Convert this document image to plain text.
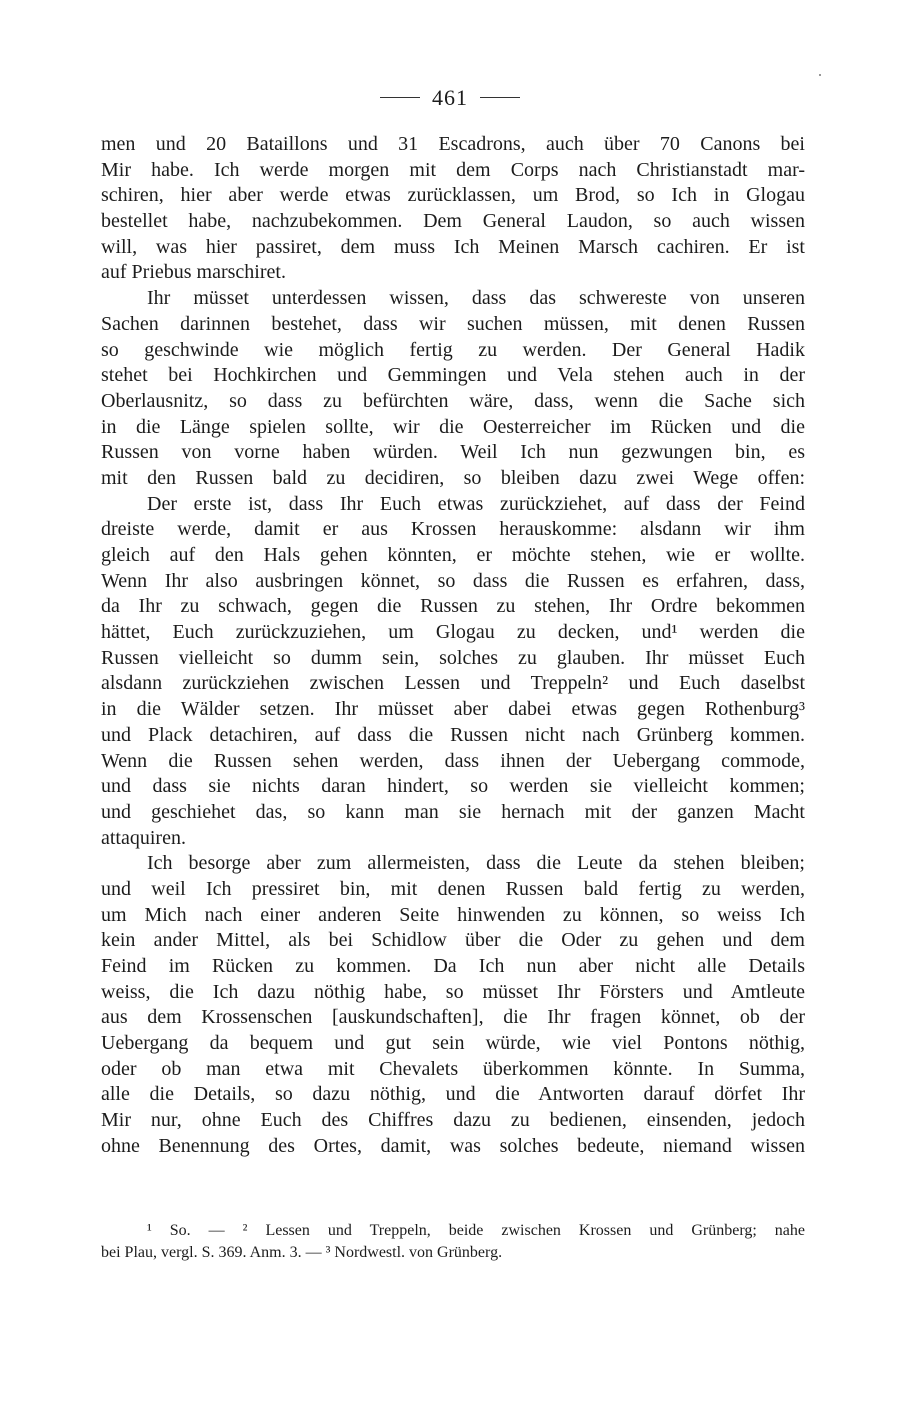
461
men und 20 Bataillons und 31 Escadrons, auch über 70 Canons bei
Mir habe. Ich werde morgen mit dem Corps nach Christianstadt mar-
schiren, hier aber werde etwas zurücklassen, um Brod, so Ich in Glogau
bestellet habe, nachzubekommen. Dem General Laudon, so auch wissen
will, was hier passiret, dem muss Ich Meinen Marsch cachiren. Er ist
auf Priebus marschiret.
Ihr müsset unterdessen wissen, dass das schwereste von unseren
Sachen darinnen bestehet, dass wir suchen müssen, mit denen Russen
so geschwinde wie möglich fertig zu werden. Der General Hadik
stehet bei Hochkirchen und Gemmingen und Vela stehen auch in der
Oberlausnitz, so dass zu befürchten wäre, dass, wenn die Sache sich
in die Länge spielen sollte, wir die Oesterreicher im Rücken und die
Russen von vorne haben würden. Weil Ich nun gezwungen bin, es
mit den Russen bald zu decidiren, so bleiben dazu zwei Wege offen:
Der erste ist, dass Ihr Euch etwas zurückziehet, auf dass der Feind
dreiste werde, damit er aus Krossen herauskomme: alsdann wir ihm
gleich auf den Hals gehen könnten, er möchte stehen, wie er wollte.
Wenn Ihr also ausbringen könnet, so dass die Russen es erfahren, dass,
da Ihr zu schwach, gegen die Russen zu stehen, Ihr Ordre bekommen
hättet, Euch zurückzuziehen, um Glogau zu decken, und¹ werden die
Russen vielleicht so dumm sein, solches zu glauben. Ihr müsset Euch
alsdann zurückziehen zwischen Lessen und Treppeln² und Euch daselbst
in die Wälder setzen. Ihr müsset aber dabei etwas gegen Rothenburg³
und Plack detachiren, auf dass die Russen nicht nach Grünberg kommen.
Wenn die Russen sehen werden, dass ihnen der Uebergang commode,
und dass sie nichts daran hindert, so werden sie vielleicht kommen;
und geschiehet das, so kann man sie hernach mit der ganzen Macht
attaquiren.
Ich besorge aber zum allermeisten, dass die Leute da stehen bleiben;
und weil Ich pressiret bin, mit denen Russen bald fertig zu werden,
um Mich nach einer anderen Seite hinwenden zu können, so weiss Ich
kein ander Mittel, als bei Schidlow über die Oder zu gehen und dem
Feind im Rücken zu kommen. Da Ich nun aber nicht alle Details
weiss, die Ich dazu nöthig habe, so müsset Ihr Försters und Amtleute
aus dem Krossenschen [auskundschaften], die Ihr fragen könnet, ob der
Uebergang da bequem und gut sein würde, wie viel Pontons nöthig,
oder ob man etwa mit Chevalets überkommen könnte. In Summa,
alle die Details, so dazu nöthig, und die Antworten darauf dörfet Ihr
Mir nur, ohne Euch des Chiffres dazu zu bedienen, einsenden, jedoch
ohne Benennung des Ortes, damit, was solches bedeute, niemand wissen
¹ So. — ² Lessen und Treppeln, beide zwischen Krossen und Grünberg; nahe
bei Plau, vergl. S. 369. Anm. 3. — ³ Nordwestl. von Grünberg.
